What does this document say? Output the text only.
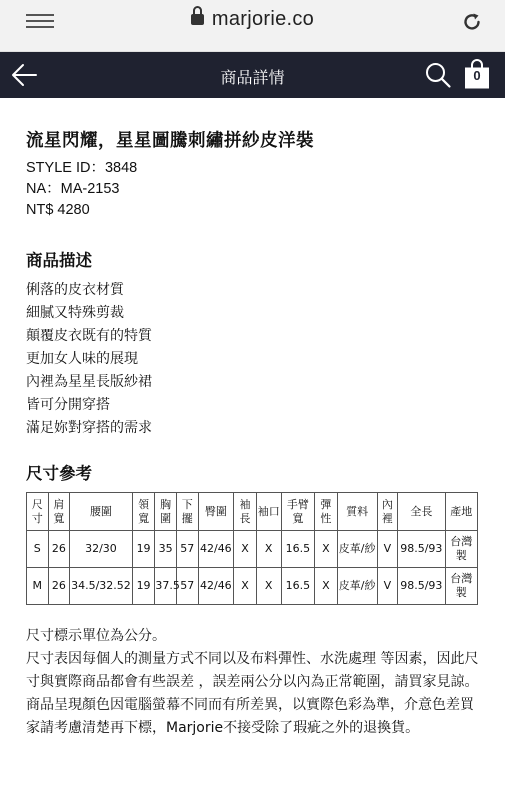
marjorie.co
商品詳情	0
流星閃耀，星星圖騰刺繡拼紗皮洋裝
STYLE ID：3848
NA：MA-2153
NT$ 4280
商品描述
俐落的皮衣材質
細膩又特殊剪裁
顛覆皮衣既有的特質
更加女人味的展現
內裡為星星長版紗裙
皆可分開穿搭
滿足妳對穿搭的需求
尺寸參考
尺寸	肩寬	腰圍	領寬	胸圍	下擺	臀圍	袖長	袖口	手臂寬	彈性	質料	內裡	全長	產地
S	26	32/30	19	35	57	42/46	X	X	16.5	X	皮革/紗	V	98.5/93	台灣製
M	26	34.5/32.52	19	37.5	57	42/46	X	X	16.5	X	皮革/紗	V	98.5/93	台灣製
尺寸標示單位為公分。
尺寸表因每個人的測量方式不同以及布料彈性、水洗處理 等因素，因此尺寸與實際商品都會有些誤差 ，誤差兩公分以內為正常範圍，請買家見諒。
商品呈現顏色因電腦螢幕不同而有所差異，以實際色彩為準，介意色差買家請考慮清楚再下標，Marjorie不接受除了瑕疵之外的退換貨。
